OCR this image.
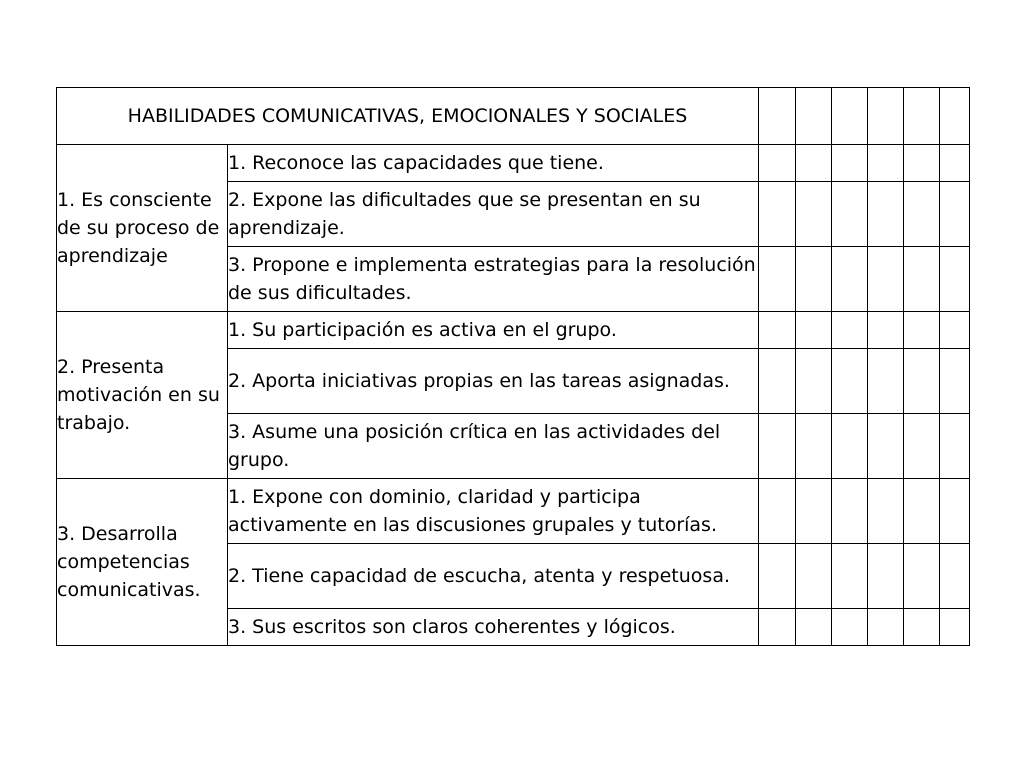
HABILIDADES COMUNICATIVAS, EMOCIONALES Y SOCIALES							
1. Es consciente de su proceso de aprendizaje	1. Reconoce las capacidades que tiene.						
	2. Expone las dificultades que se presentan en su aprendizaje.						
	3. Propone e implementa estrategias para la resolución de sus dificultades.						
2. Presenta motivación en su trabajo.	1. Su participación es activa en el grupo.						
	2. Aporta iniciativas propias en las tareas asignadas.						
	3. Asume una posición crítica en las actividades del grupo.						
3. Desarrolla competencias comunicativas.	1. Expone con dominio, claridad y participa activamente en las discusiones grupales y tutorías.						
	2. Tiene capacidad de escucha, atenta y respetuosa.						
	3. Sus escritos son claros coherentes y lógicos.						
